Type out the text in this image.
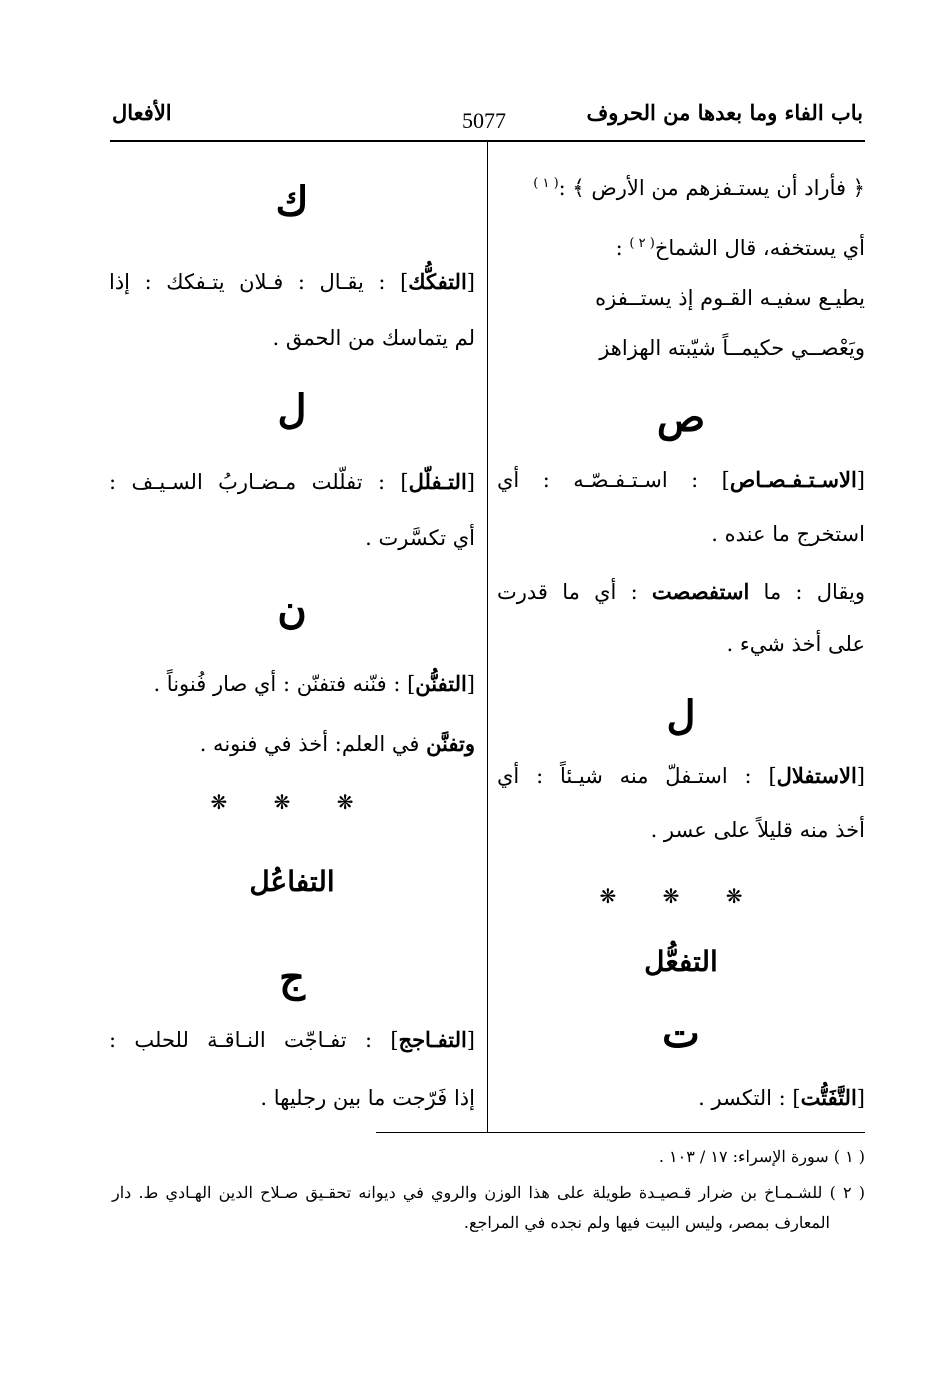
باب الفاء وما بعدها من الحروف
5077
الأفعال
﴿ فأراد أن يستـفزهم من الأرض ﴾ :$^{( ١ )}$
أي يستخفه، قال الشماخ$^{( ٢ )}$ :
يطيـع سفيـه القـوم إذ يستــفزه
ويَعْصــي حكيمــاً شيّبته الهزاهز
ص
[الاسـتـفـصـاص] : اسـتـفـصّـه : أي
استخرج ما عنده .
ويقال : ما استفصصت : أي ما قدرت
على أخذ شيء .
ل
[الاستفلال] : استـفلّ منه شيـئاً : أي
أخذ منه قليلاً على عسر .
❋ ❋ ❋
التفعُّل
ت
[التَّفَتُّت] : التكسر .
ك
[التفكُّك] : يقـال : فـلان يتـفكك : إذا
لم يتماسك من الحمق .
ل
[التـفلّل] : تفلّلت مـضـاربُ السـيـف :
أي تكسَّرت .
ن
[التفنُّن] : فنّنه فتفنّن : أي صار فُنوناً .
وتفنَّن في العلم: أخذ في فنونه .
❋ ❋ ❋
التفاعُل
ج
[التفـاجج] : تفـاجّت النـاقـة للحلب :
إذا فَرّجت ما بين رجليها .
( ١ ) سورة الإسراء: ١٧ / ١٠٣ .
( ٢ ) للشـمـاخ بن ضرار قـصيـدة طويلة على هذا الوزن والروي في ديوانه تحقـيق صـلاح الدين الهـادي ط. دار
المعارف بمصر، وليس البيت فيها ولم نجده في المراجع.
